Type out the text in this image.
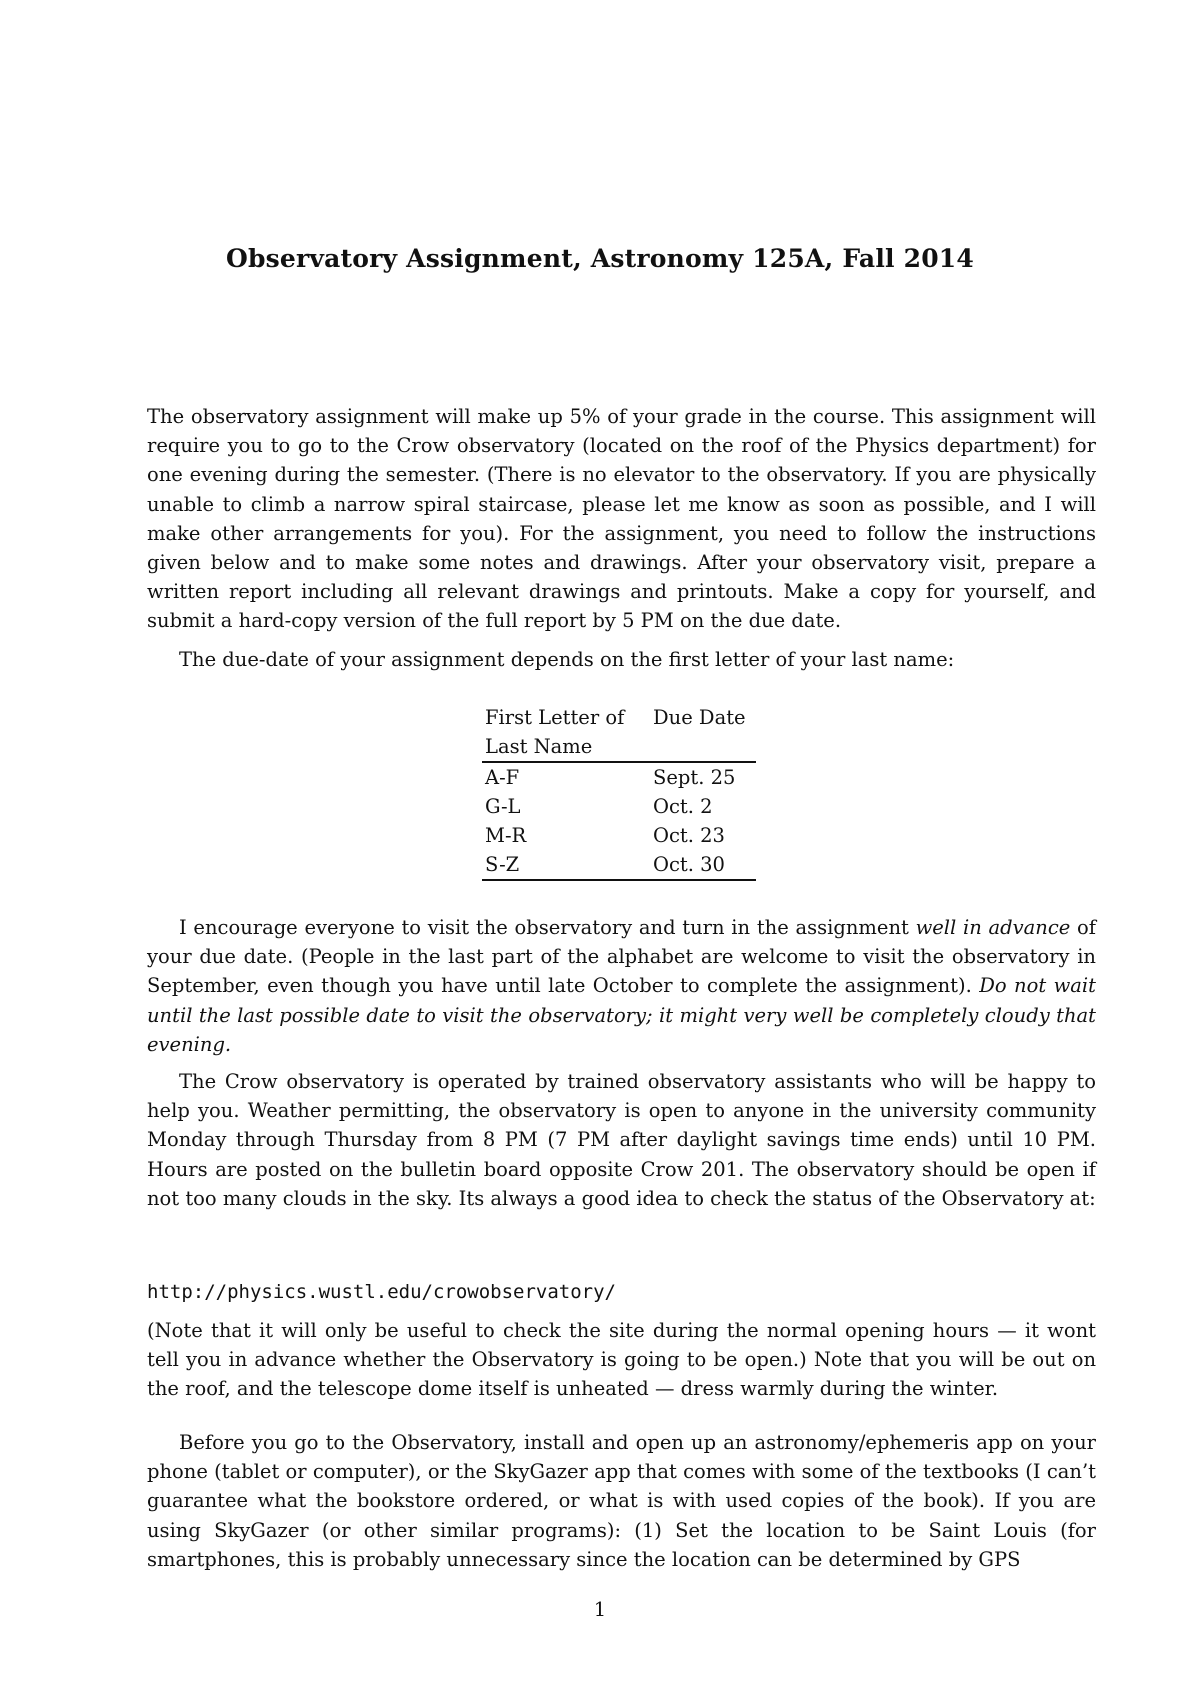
Observatory Assignment, Astronomy 125A, Fall 2014
The observatory assignment will make up 5% of your grade in the course. This assignment will require you to go to the Crow observatory (located on the roof of the Physics department) for one evening during the semester. (There is no elevator to the observatory. If you are physically unable to climb a narrow spiral staircase, please let me know as soon as possible, and I will make other arrangements for you). For the assignment, you need to follow the instructions given below and to make some notes and drawings. After your observatory visit, prepare a written report including all relevant drawings and printouts. Make a copy for yourself, and submit a hard-copy version of the full report by 5 PM on the due date.
The due-date of your assignment depends on the first letter of your last name:
First Letter of	Due Date
Last Name	
A-F	Sept. 25
G-L	Oct. 2
M-R	Oct. 23
S-Z	Oct. 30
I encourage everyone to visit the observatory and turn in the assignment well in advance of your due date. (People in the last part of the alphabet are welcome to visit the observatory in September, even though you have until late October to complete the assignment). Do not wait until the last possible date to visit the observatory; it might very well be completely cloudy that evening.
The Crow observatory is operated by trained observatory assistants who will be happy to help you. Weather permitting, the observatory is open to anyone in the university community Monday through Thursday from 8 PM (7 PM after daylight savings time ends) until 10 PM. Hours are posted on the bulletin board opposite Crow 201. The observatory should be open if not too many clouds in the sky. Its always a good idea to check the status of the Observatory at:
http://physics.wustl.edu/crowobservatory/
(Note that it will only be useful to check the site during the normal opening hours — it wont tell you in advance whether the Observatory is going to be open.) Note that you will be out on the roof, and the telescope dome itself is unheated — dress warmly during the winter.
Before you go to the Observatory, install and open up an astronomy/ephemeris app on your phone (tablet or computer), or the SkyGazer app that comes with some of the textbooks (I can’t guarantee what the bookstore ordered, or what is with used copies of the book). If you are using SkyGazer (or other similar programs): (1) Set the location to be Saint Louis (for smartphones, this is probably unnecessary since the location can be determined by GPS
1
